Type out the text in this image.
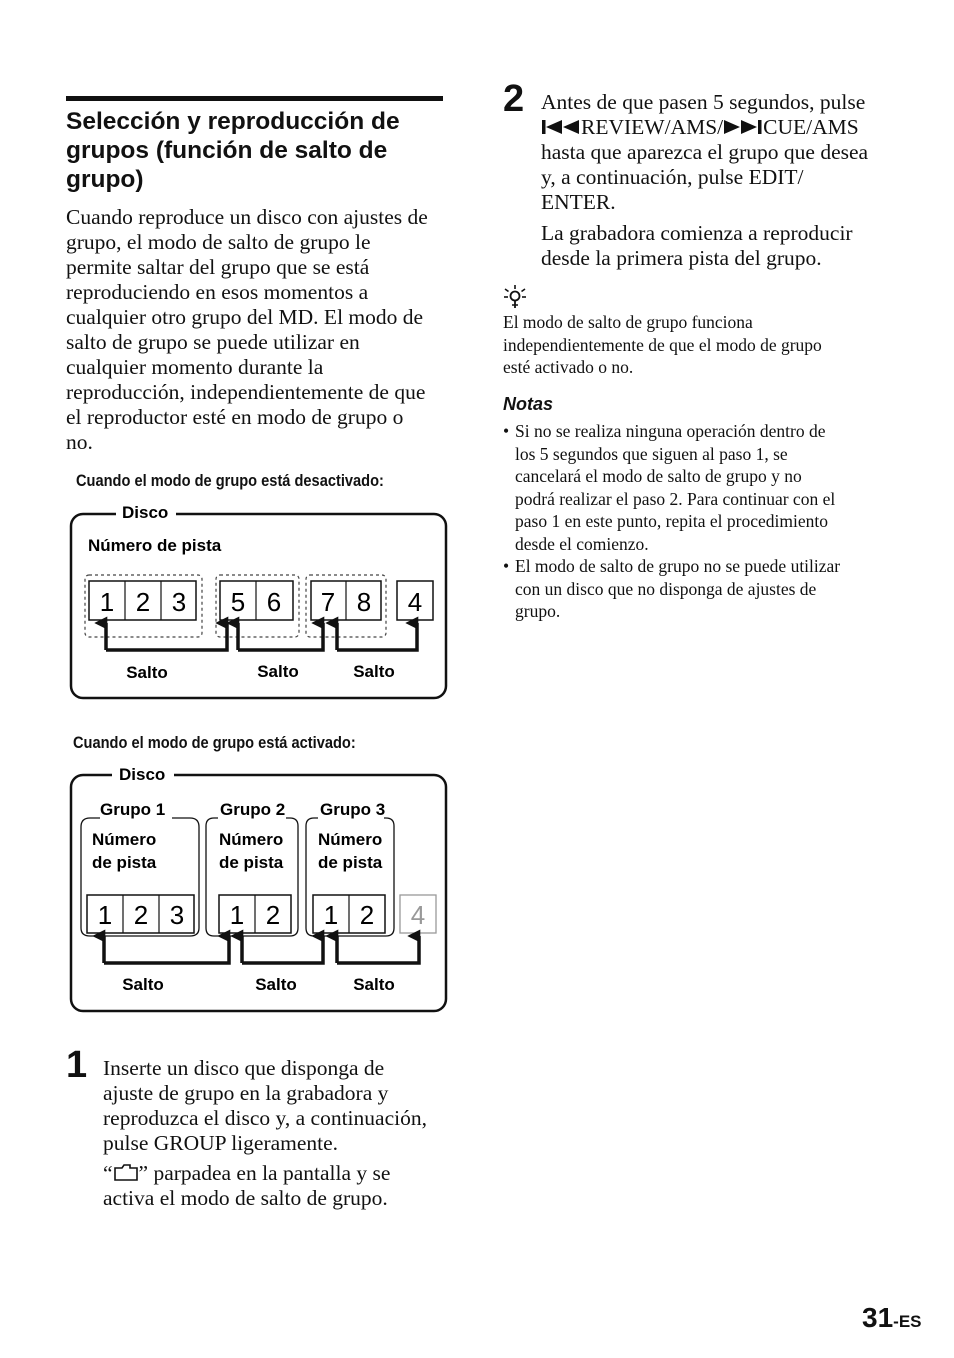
Selección y reproducción de
grupos (función de salto de
grupo)
Cuando reproduce un disco con ajustes de
grupo, el modo de salto de grupo le
permite saltar del grupo que se está
reproduciendo en esos momentos a
cualquier otro grupo del MD. El modo de
salto de grupo se puede utilizar en
cualquier momento durante la
reproducción, independientemente de que
el reproductor esté en modo de grupo o
no.
Cuando el modo de grupo está desactivado:
Disco
Número de pista
1 2 3 5 6 7 8 4
Salto	Salto	Salto
Cuando el modo de grupo está activado:
Disco
Grupo 1	Grupo 2 Grupo 3
Número
de pista
Número
de pista
Número
de pista
1 2 3 1 2 1 2 4
Salto	Salto	Salto
1 Inserte un disco que disponga de
ajuste de grupo en la grabadora y
reproduzca el disco y, a continuación,
pulse GROUP ligeramente.
“ ” parpadea en la pantalla y se
activa el modo de salto de grupo.
2 Antes de que pasen 5 segundos, pulse
REVIEW/AMS/ CUE/AMS
hasta que aparezca el grupo que desea
y, a continuación, pulse EDIT/
ENTER.
La grabadora comienza a reproducir
desde la primera pista del grupo.
El modo de salto de grupo funciona
independientemente de que el modo de grupo
esté activado o no.
Notas
• Si no se realiza ninguna operación dentro de
los 5 segundos que siguen al paso 1, se
cancelará el modo de salto de grupo y no
podrá realizar el paso 2. Para continuar con el
paso 1 en este punto, repita el procedimiento
desde el comienzo.
• El modo de salto de grupo no se puede utilizar
con un disco que no disponga de ajustes de
grupo.
31-ES
